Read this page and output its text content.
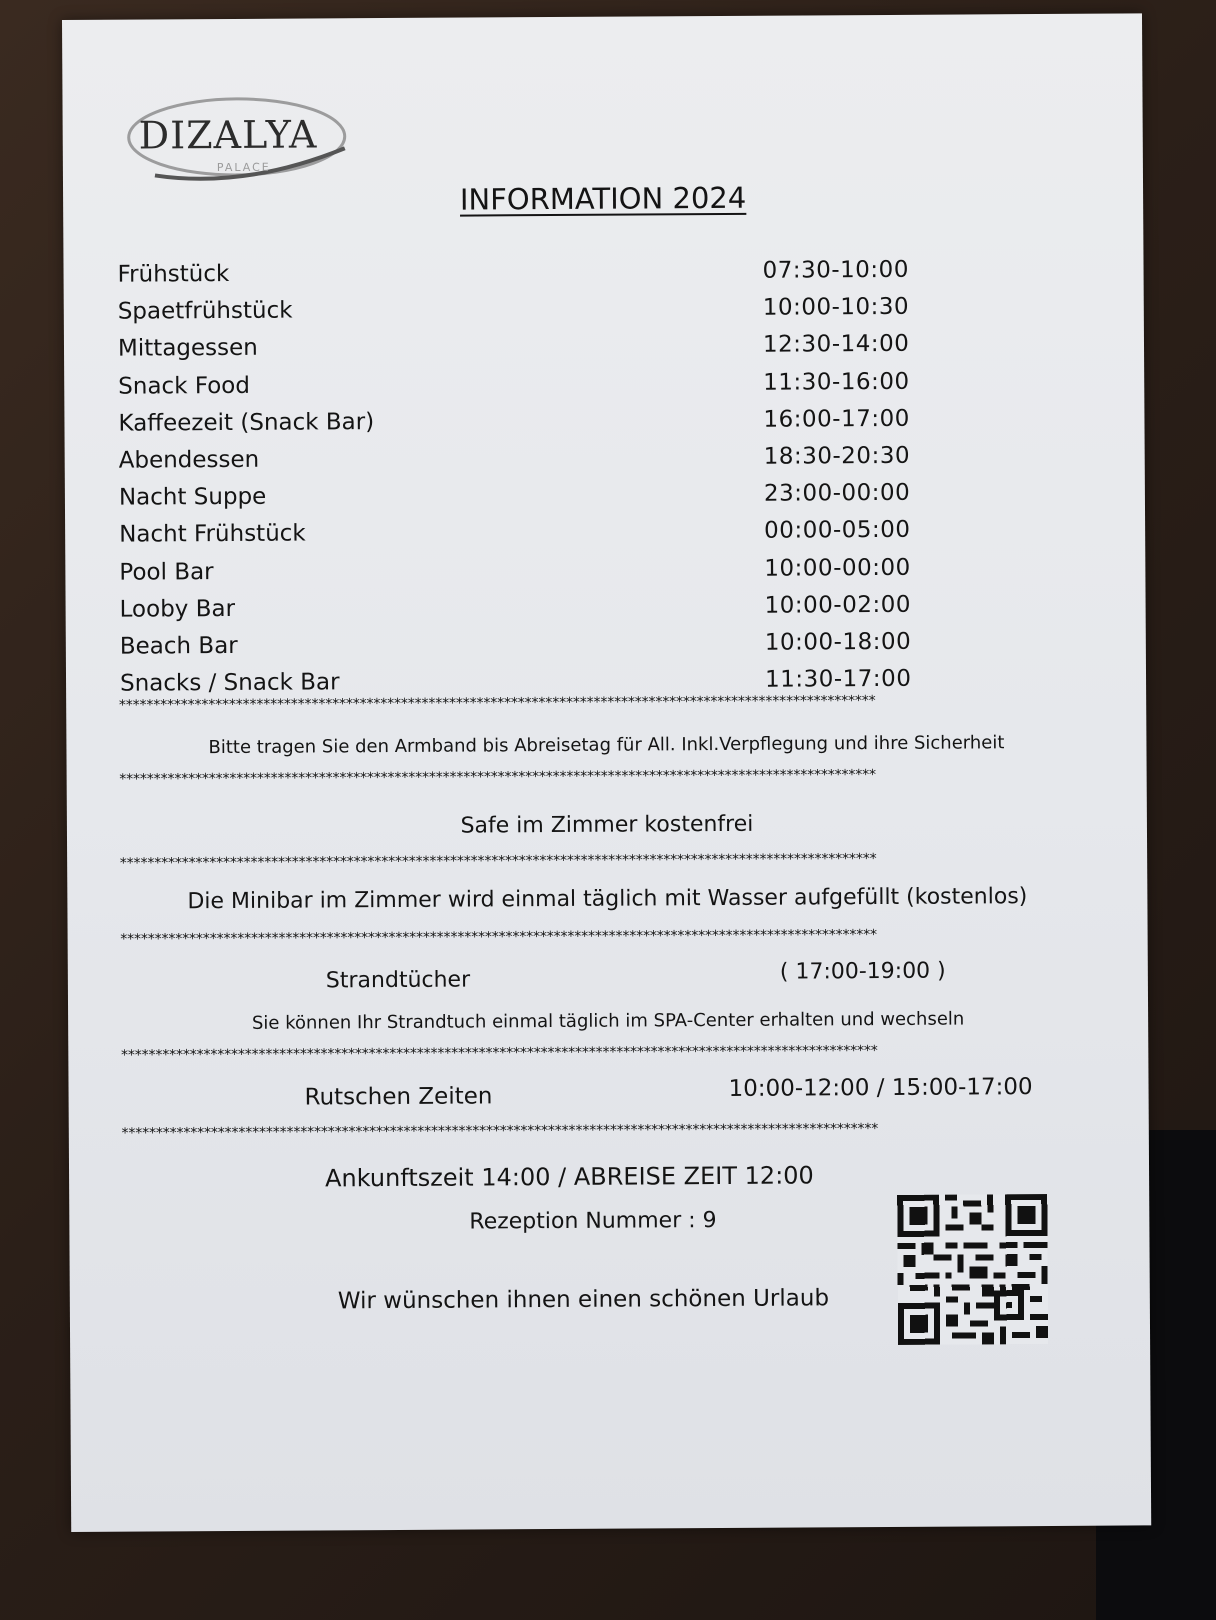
PALACE
DIZALYA
INFORMATION 2024
Frühstück	07:30-10:00
Spaetfrühstück	10:00-10:30
Mittagessen	12:30-14:00
Snack Food	11:30-16:00
Kaffeezeit (Snack Bar)	16:00-17:00
Abendessen	18:30-20:30
Nacht Suppe	23:00-00:00
Nacht Frühstück	00:00-05:00
Pool Bar	10:00-00:00
Looby Bar	10:00-02:00
Beach Bar	10:00-18:00
Snacks / Snack Bar	11:30-17:00
**************************************************************************************************************
Bitte tragen Sie den Armband bis Abreisetag für All. Inkl.Verpflegung und ihre Sicherheit
**************************************************************************************************************
Safe im Zimmer kostenfrei
**************************************************************************************************************
Die Minibar im Zimmer wird einmal täglich mit Wasser aufgefüllt (kostenlos)
**************************************************************************************************************
Strandtücher	( 17:00-19:00 )
Sie können Ihr Strandtuch einmal täglich im SPA-Center erhalten und wechseln
**************************************************************************************************************
Rutschen Zeiten	10:00-12:00 / 15:00-17:00
**************************************************************************************************************
Ankunftszeit 14:00 / ABREISE ZEIT 12:00
Rezeption Nummer : 9
Wir wünschen ihnen einen schönen Urlaub
